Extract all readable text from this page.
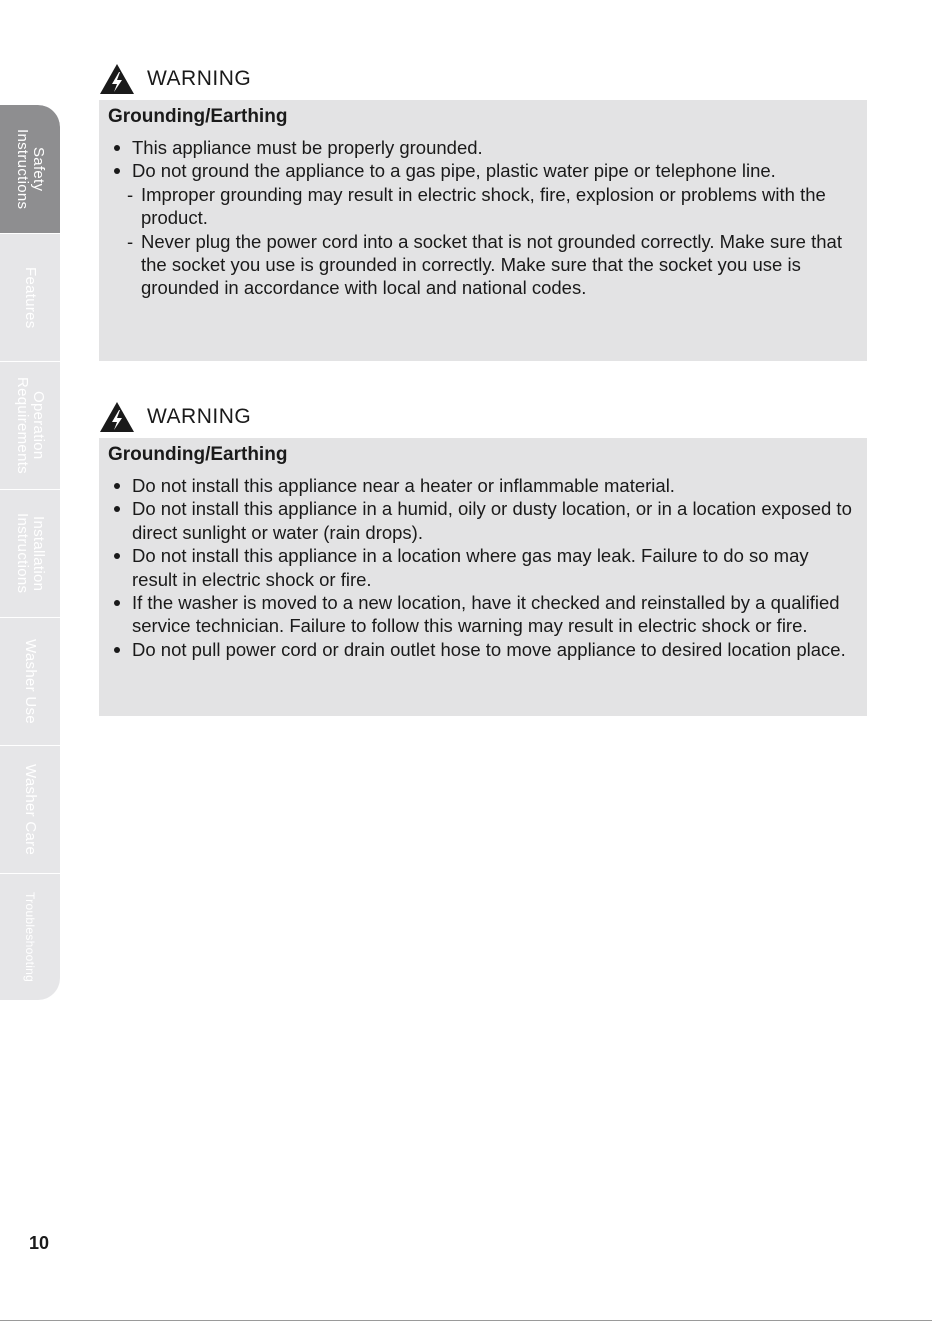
Safety
Instructions
Features
Operation
Requirements
Installation
Instructions
Washer Use
Washer Care
Troubleshooting
WARNING
Grounding/Earthing
This appliance must be properly grounded.
Do not ground the appliance to a gas pipe, plastic water pipe or telephone line.
- Improper grounding may result in electric shock, fire, explosion or problems with the product.
- Never plug the power cord into a socket that is not grounded correctly. Make sure that the socket you use is grounded in correctly. Make sure that the socket you use is grounded in accordance with local and national codes.
WARNING
Grounding/Earthing
Do not install this appliance near a heater or inflammable material.
Do not install this appliance in a humid, oily or dusty location, or in a location exposed to direct sunlight or water (rain drops).
Do not install this appliance in a location where gas may leak. Failure to do so may result in electric shock or fire.
If the washer is moved to a new location, have it checked and reinstalled by a qualified service technician. Failure to follow this warning may result in electric shock or fire.
Do not pull power cord or drain outlet hose to move appliance to desired location place.
10
